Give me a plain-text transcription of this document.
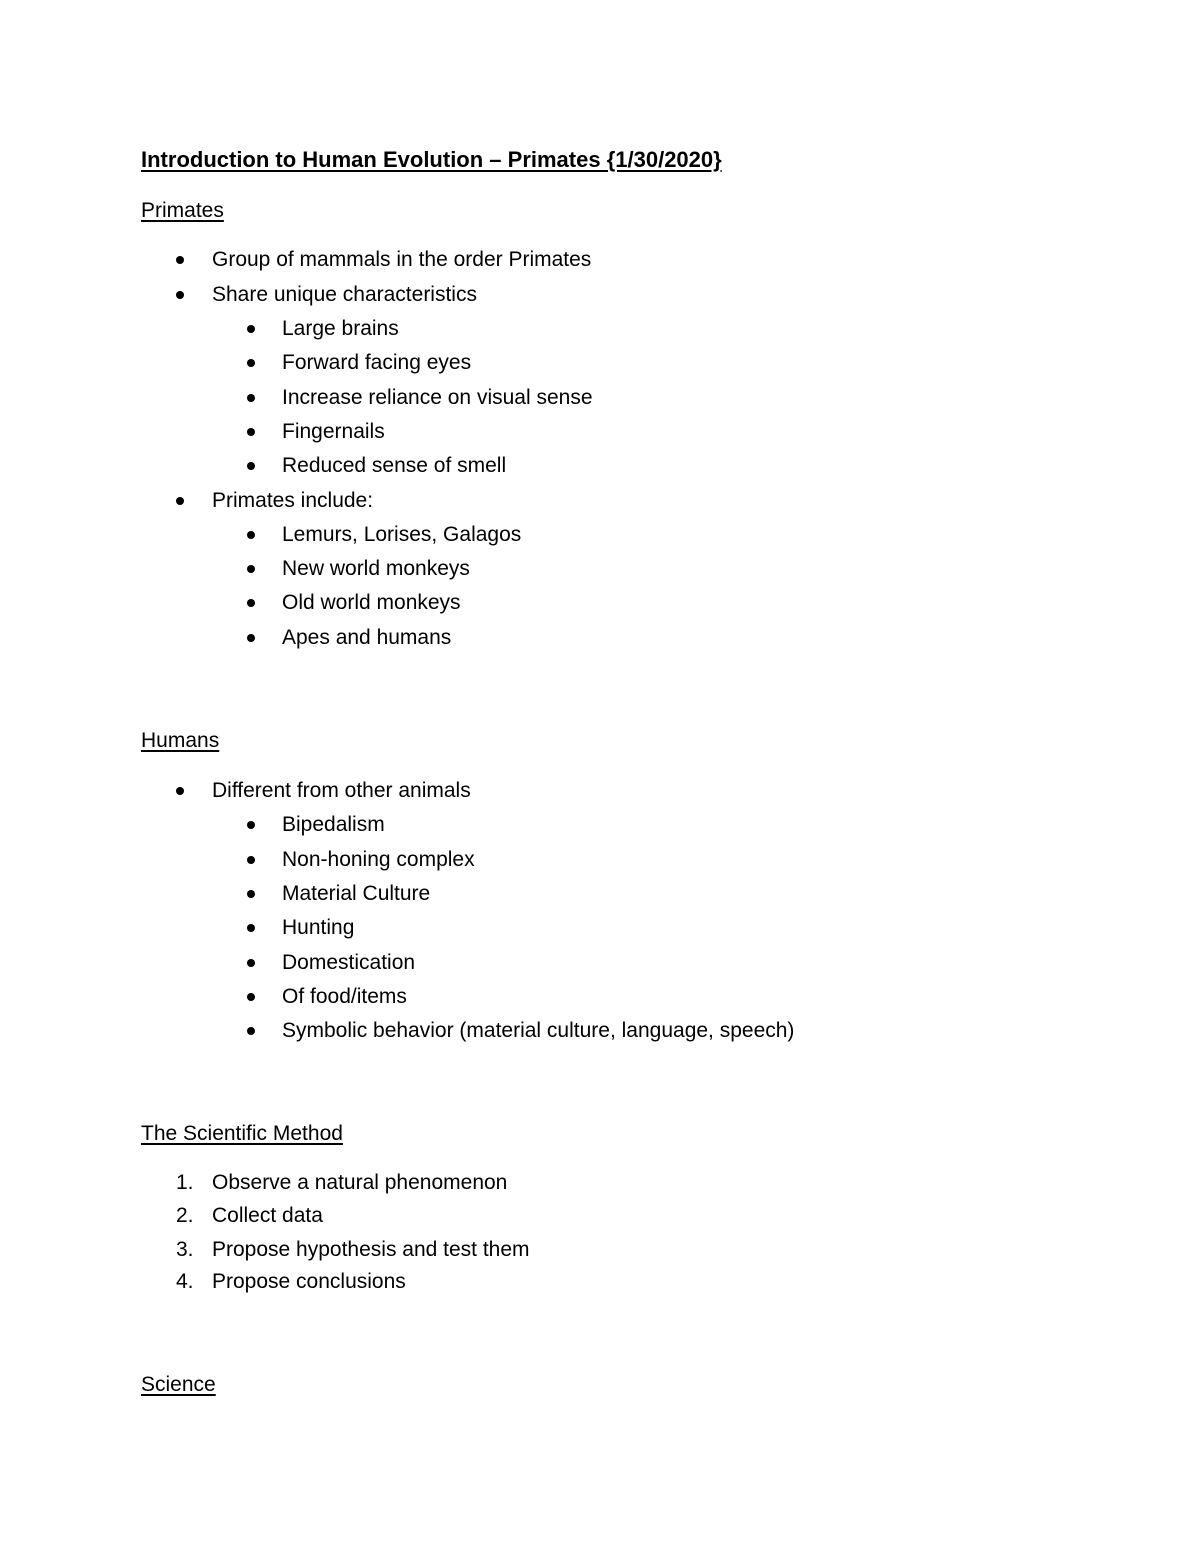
Introduction to Human Evolution – Primates {1/30/2020}
Primates
Group of mammals in the order Primates
Share unique characteristics
Large brains
Forward facing eyes
Increase reliance on visual sense
Fingernails
Reduced sense of smell
Primates include:
Lemurs, Lorises, Galagos
New world monkeys
Old world monkeys
Apes and humans
Humans
Different from other animals
Bipedalism
Non-honing complex
Material Culture
Hunting
Domestication
Of food/items
Symbolic behavior (material culture, language, speech)
The Scientific Method
1. Observe a natural phenomenon
2. Collect data
3. Propose hypothesis and test them
4. Propose conclusions
Science
